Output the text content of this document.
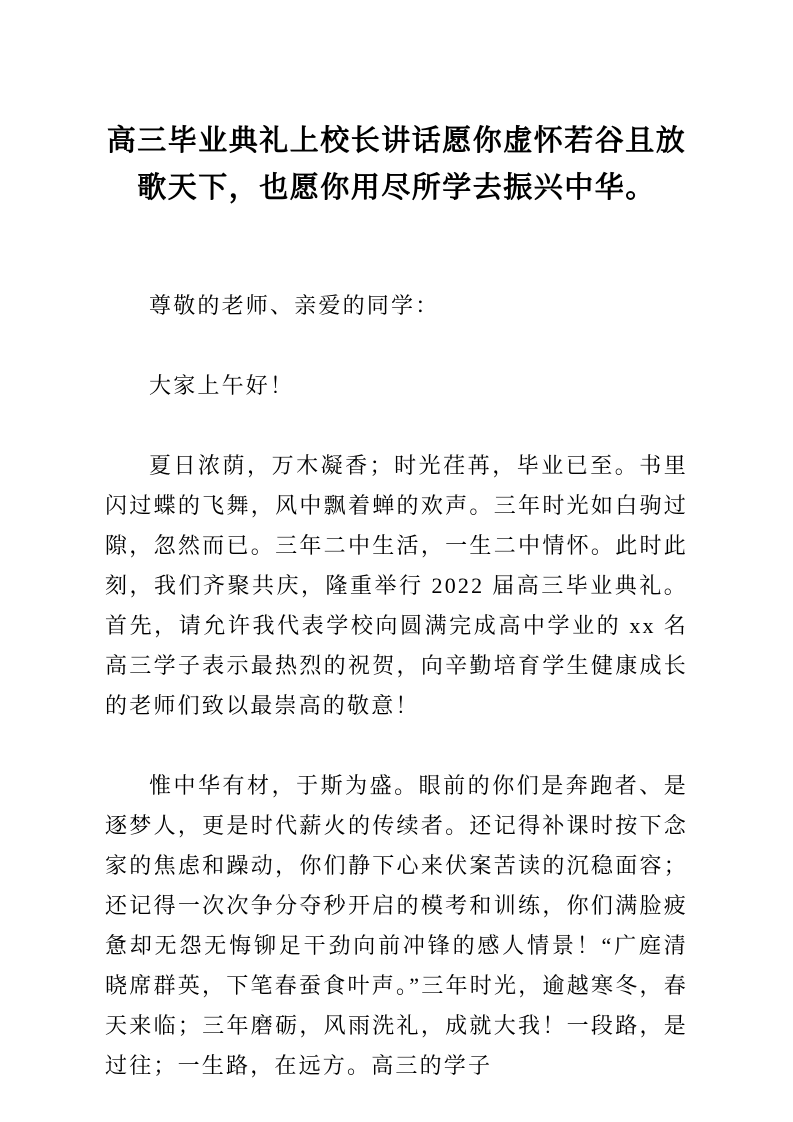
高三毕业典礼上校长讲话愿你虚怀若谷且放歌天下，也愿你用尽所学去振兴中华。

尊敬的老师、亲爱的同学：

大家上午好！

夏日浓荫，万木凝香；时光荏苒，毕业已至。书里闪过蝶的飞舞，风中飘着蝉的欢声。三年时光如白驹过隙，忽然而已。三年二中生活，一生二中情怀。此时此刻，我们齐聚共庆，隆重举行 2022 届高三毕业典礼。首先，请允许我代表学校向圆满完成高中学业的 xx 名高三学子表示最热烈的祝贺，向辛勤培育学生健康成长的老师们致以最崇高的敬意！

惟中华有材，于斯为盛。眼前的你们是奔跑者、是逐梦人，更是时代薪火的传续者。还记得补课时按下念家的焦虑和躁动，你们静下心来伏案苦读的沉稳面容；还记得一次次争分夺秒开启的模考和训练，你们满脸疲惫却无怨无悔铆足干劲向前冲锋的感人情景！“广庭清晓席群英，下笔春蚕食叶声。”三年时光，逾越寒冬，春天来临；三年磨砺，风雨洗礼，成就大我！一段路，是过往；一生路，在远方。高三的学子
